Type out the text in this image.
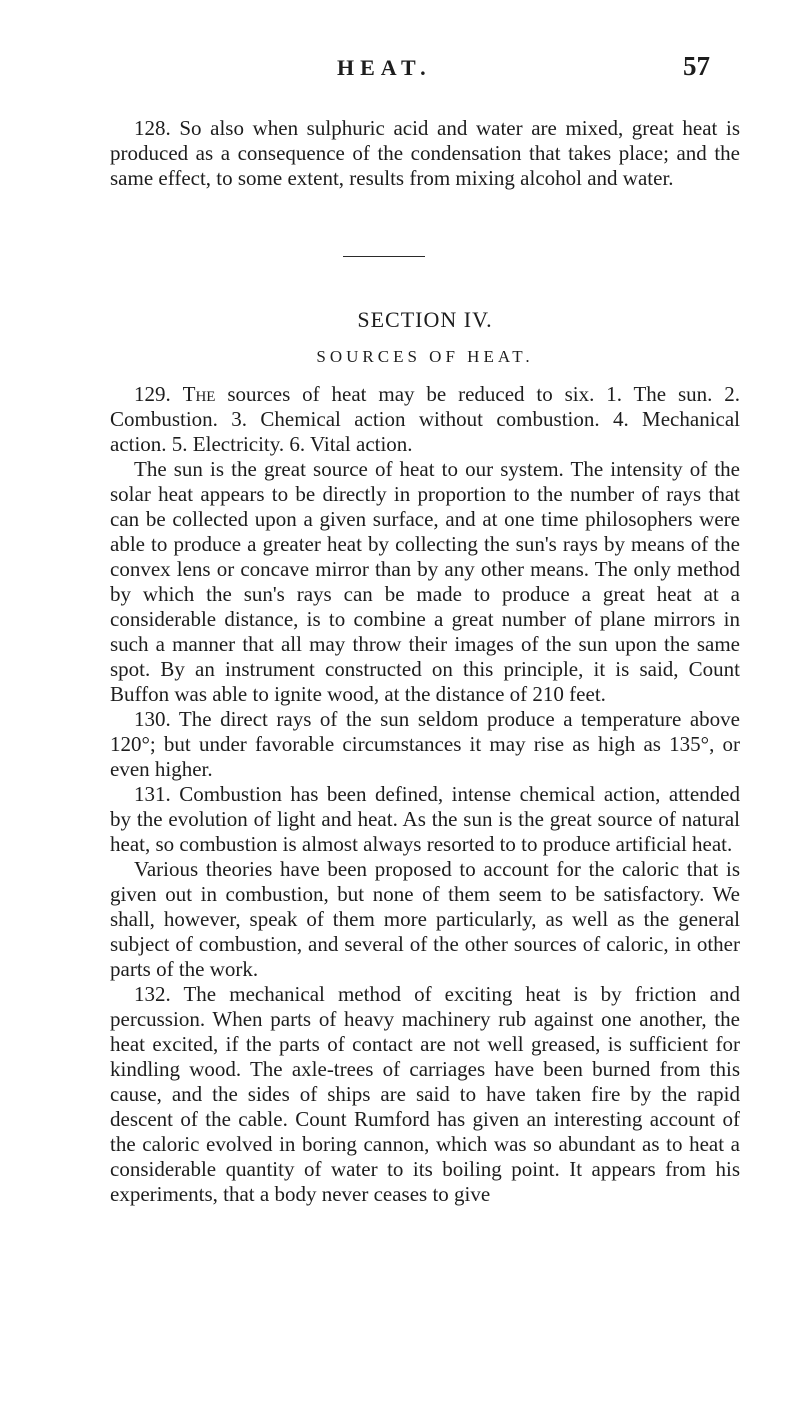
HEAT.	57

128. So also when sulphuric acid and water are mixed, great heat is produced as a consequence of the condensation that takes place; and the same effect, to some extent, results from mixing alcohol and water.

SECTION IV.
SOURCES OF HEAT.

129. The sources of heat may be reduced to six. 1. The sun. 2. Combustion. 3. Chemical action without combustion. 4. Mechanical action. 5. Electricity. 6. Vital action.

The sun is the great source of heat to our system. The intensity of the solar heat appears to be directly in proportion to the number of rays that can be collected upon a given surface, and at one time philosophers were able to produce a greater heat by collecting the sun's rays by means of the convex lens or concave mirror than by any other means. The only method by which the sun's rays can be made to produce a great heat at a considerable distance, is to combine a great number of plane mirrors in such a manner that all may throw their images of the sun upon the same spot. By an instrument constructed on this principle, it is said, Count Buffon was able to ignite wood, at the distance of 210 feet.

130. The direct rays of the sun seldom produce a temperature above 120°; but under favorable circumstances it may rise as high as 135°, or even higher.

131. Combustion has been defined, intense chemical action, attended by the evolution of light and heat. As the sun is the great source of natural heat, so combustion is almost always resorted to to produce artificial heat.

Various theories have been proposed to account for the caloric that is given out in combustion, but none of them seem to be satisfactory. We shall, however, speak of them more particularly, as well as the general subject of combustion, and several of the other sources of caloric, in other parts of the work.

132. The mechanical method of exciting heat is by friction and percussion. When parts of heavy machinery rub against one another, the heat excited, if the parts of contact are not well greased, is sufficient for kindling wood. The axle-trees of carriages have been burned from this cause, and the sides of ships are said to have taken fire by the rapid descent of the cable. Count Rumford has given an interesting account of the caloric evolved in boring cannon, which was so abundant as to heat a considerable quantity of water to its boiling point. It appears from his experiments, that a body never ceases to give
